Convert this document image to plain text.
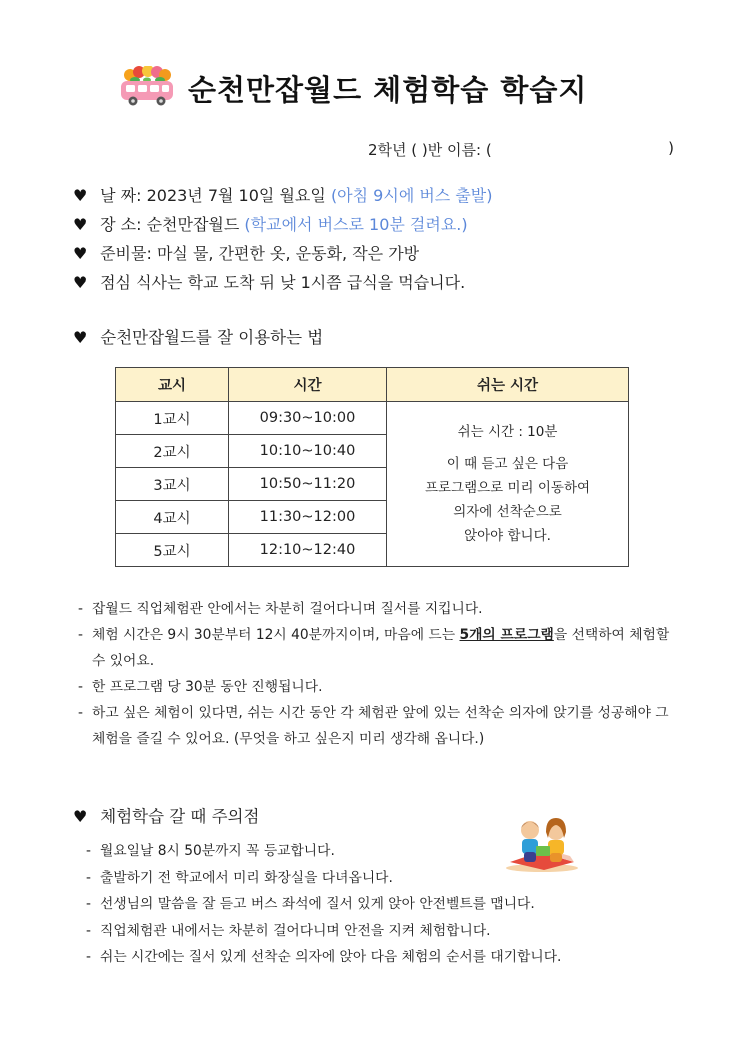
순천만잡월드 체험학습 학습지
2학년 ( )반 이름: (	)
♥ 날 짜: 2023년 7월 10일 월요일 (아침 9시에 버스 출발)
♥ 장 소: 순천만잡월드 (학교에서 버스로 10분 걸려요.)
♥ 준비물: 마실 물, 간편한 옷, 운동화, 작은 가방
♥ 점심 식사는 학교 도착 뒤 낮 1시쯤 급식을 먹습니다.
♥ 순천만잡월드를 잘 이용하는 법
교시	시간	쉬는 시간
1교시	09:30~10:00	쉬는 시간 : 10분
이 때 듣고 싶은 다음
프로그램으로 미리 이동하여
의자에 선착순으로
앉아야 합니다.

2교시	10:10~10:40	
3교시	10:50~11:20	
4교시	11:30~12:00	
5교시	12:10~12:40	
- 잡월드 직업체험관 안에서는 차분히 걸어다니며 질서를 지킵니다.
- 체험 시간은 9시 30분부터 12시 40분까지이며, 마음에 드는 5개의 프로그램을 선택하여 체험할 수 있어요.
- 한 프로그램 당 30분 동안 진행됩니다.
- 하고 싶은 체험이 있다면, 쉬는 시간 동안 각 체험관 앞에 있는 선착순 의자에 앉기를 성공해야 그 체험을 즐길 수 있어요. (무엇을 하고 싶은지 미리 생각해 옵니다.)
♥ 체험학습 갈 때 주의점
- 월요일날 8시 50분까지 꼭 등교합니다.
- 출발하기 전 학교에서 미리 화장실을 다녀옵니다.
- 선생님의 말씀을 잘 듣고 버스 좌석에 질서 있게 앉아 안전벨트를 맵니다.
- 직업체험관 내에서는 차분히 걸어다니며 안전을 지켜 체험합니다.
- 쉬는 시간에는 질서 있게 선착순 의자에 앉아 다음 체험의 순서를 대기합니다.
